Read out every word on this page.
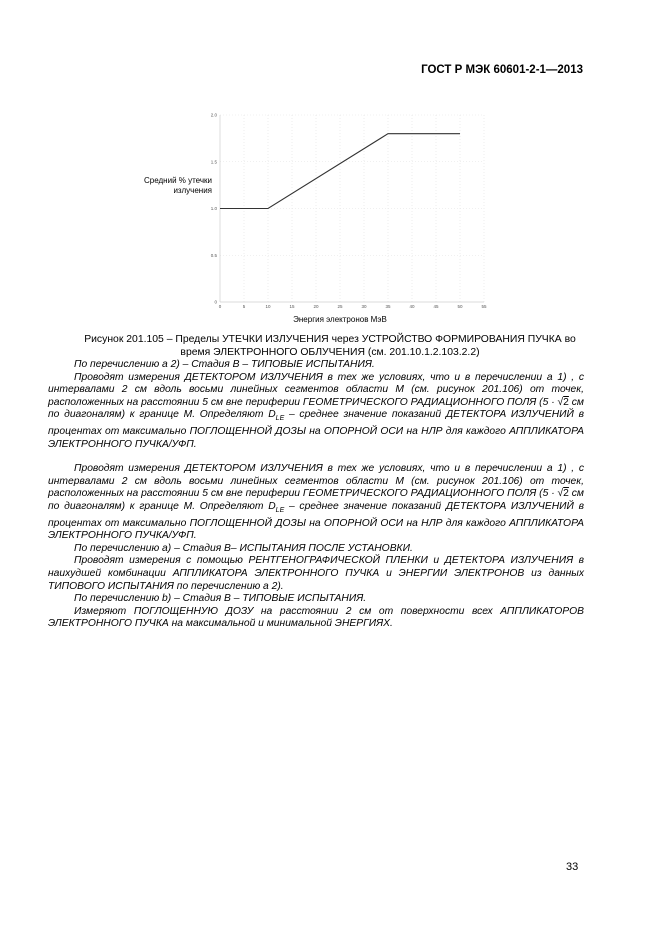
ГОСТ Р МЭК 60601-2-1—2013
0	5	10	15	20	25	30	35	40	45	50	55
0
0.5
1.0
1.5
2.0
Энергия электронов МэВ
Средний % утечки излучения
Рисунок 201.105 – Пределы УТЕЧКИ ИЗЛУЧЕНИЯ через УСТРОЙСТВО ФОРМИРОВАНИЯ ПУЧКА во
время ЭЛЕКТРОННОГО ОБЛУЧЕНИЯ (см. 201.10.1.2.103.2.2)

По перечислению а 2) – Стадия В – ТИПОВЫЕ ИСПЫТАНИЯ.

Проводят измерения ДЕТЕКТОРОМ ИЗЛУЧЕНИЯ в тех же условиях, что и в перечислении а 1) , с интервалами 2 см вдоль восьми линейных сегментов области М (см. рисунок 201.106) от точек, расположенных на расстоянии 5 см вне периферии ГЕОМЕТРИЧЕСКОГО РАДИАЦИОННОГО ПОЛЯ (5 · √2 см по диагоналям) к границе М. Определяют $D_{LE}$ – среднее значение показаний ДЕТЕКТОРА ИЗЛУЧЕНИЙ в процентах от максимально ПОГЛОЩЕННОЙ ДОЗЫ на ОПОРНОЙ ОСИ на НЛР для каждого АППЛИКАТОРА ЭЛЕКТРОННОГО ПУЧКА/УФП.

Проводят измерения ДЕТЕКТОРОМ ИЗЛУЧЕНИЯ в тех же условиях, что и в перечислении а 1) , с интервалами 2 см вдоль восьми линейных сегментов области М (см. рисунок 201.106) от точек, расположенных на расстоянии 5 см вне периферии ГЕОМЕТРИЧЕСКОГО РАДИАЦИОННОГО ПОЛЯ (5 · √2 см по диагоналям) к границе М. Определяют $D_{LE}$ – среднее значение показаний ДЕТЕКТОРА ИЗЛУЧЕНИЙ в процентах от максимально ПОГЛОЩЕННОЙ ДОЗЫ на ОПОРНОЙ ОСИ на НЛР для каждого АППЛИКАТОРА ЭЛЕКТРОННОГО ПУЧКА/УФП.

По перечислению а) – Стадия В– ИСПЫТАНИЯ ПОСЛЕ УСТАНОВКИ.

Проводят измерения с помощью РЕНТГЕНОГРАФИЧЕСКОЙ ПЛЕНКИ и ДЕТЕКТОРА ИЗЛУЧЕНИЯ в наихудшей комбинации АППЛИКАТОРА ЭЛЕКТРОННОГО ПУЧКА и ЭНЕРГИИ ЭЛЕКТРОНОВ из данных ТИПОВОГО ИСПЫТАНИЯ по перечислению а 2).

По перечислению b) – Стадия В – ТИПОВЫЕ ИСПЫТАНИЯ.

Измеряют ПОГЛОЩЕННУЮ ДОЗУ на расстоянии 2 см от поверхности всех АППЛИКАТОРОВ ЭЛЕКТРОННОГО ПУЧКА на максимальной и минимальной ЭНЕРГИЯХ.

33
